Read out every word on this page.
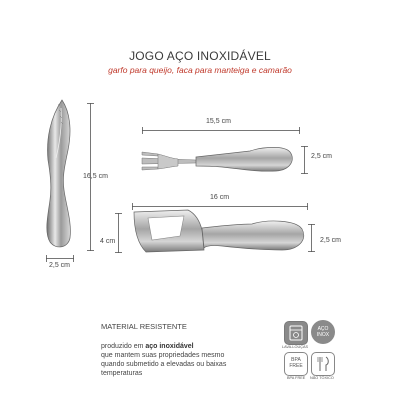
JOGO AÇO INOXIDÁVEL
garfo para queijo, faca para manteiga e camarão
16,5 cm
2,5 cm
15,5 cm
2,5 cm
16 cm
4 cm	2,5 cm
MATERIAL RESISTENTE
produzido em aço inoxidável
que mantem suas propriedades mesmo
quando submetido a elevadas ou baixas
temperaturas
LAVA-LOUÇAS
AÇO
INOX
BPA
FREE
BPA FREE NÃO TÓXICO
